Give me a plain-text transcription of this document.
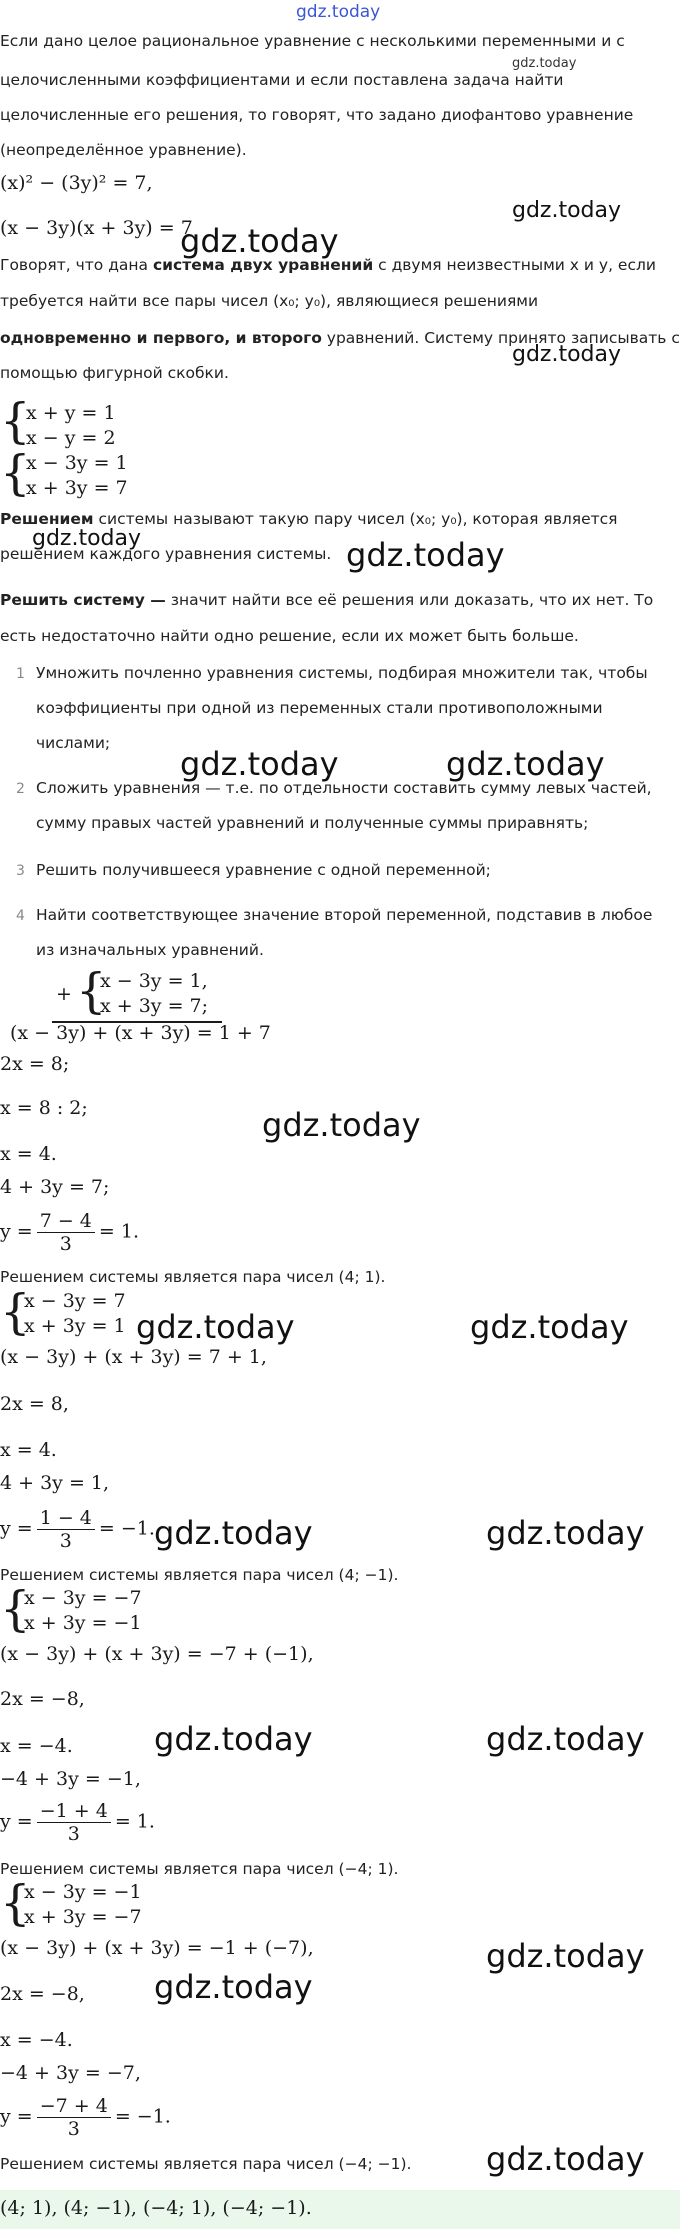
gdz.today
Если дано целое рациональное уравнение с несколькими переменными и с
gdz.today
целочисленными коэффициентами и если поставлена задача найти
целочисленные его решения, то говорят, что задано диофантово уравнение
(неопределённое уравнение).
(x)² − (3y)² = 7,
(x − 3y)(x + 3y) = 7
gdz.today
gdz.today
Говорят, что дана система двух уравнений с двумя неизвестными x и y, если
требуется найти все пары чисел (x₀; y₀), являющиеся решениями
одновременно и первого, и второго уравнений. Систему принято записывать с
gdz.today
помощью фигурной скобки.
{
x + y = 1
x − y = 2
{
x − 3y = 1
x + 3y = 7
Решением системы называют такую пару чисел (x₀; y₀), которая является
gdz.today
решением каждого уравнения системы. gdz.today
Решить систему — значит найти все её решения или доказать, что их нет. То
есть недостаточно найти одно решение, если их может быть больше.
1 Умножить почленно уравнения системы, подбирая множители так, чтобы
коэффициенты при одной из переменных стали противоположными
числами;
gdz.today	gdz.today
2 Сложить уравнения — т.е. по отдельности составить сумму левых частей,
сумму правых частей уравнений и полученные суммы приравнять;
3 Решить получившееся уравнение с одной переменной;
4 Найти соответствующее значение второй переменной, подставив в любое
из изначальных уравнений.
+ {
x − 3y = 1,
x + 3y = 7;
(x − 3y) + (x + 3y) = 1 + 7
2x = 8;
x = 8 : 2;	gdz.today
x = 4.
4 + 3y = 7;
$y = \frac{7 - 4}{3} = 1$.
Решением системы является пара чисел (4; 1).
{
x − 3y = 7
x + 3y = 1 gdz.today	gdz.today
(x − 3y) + (x + 3y) = 7 + 1,
2x = 8,
x = 4.
4 + 3y = 1,
$y = \frac{1 - 4}{3} = -1$. gdz.today	gdz.today
Решением системы является пара чисел (4; −1).
{
x − 3y = −7
x + 3y = −1
(x − 3y) + (x + 3y) = −7 + (−1),
2x = −8,
gdz.today	gdz.today
x = −4.
−4 + 3y = −1,
$y = \frac{-1 + 4}{3} = 1$.
Решением системы является пара чисел (−4; 1).
{
x − 3y = −1
x + 3y = −7
(x − 3y) + (x + 3y) = −1 + (−7),	gdz.today
gdz.today
2x = −8,
x = −4.
−4 + 3y = −7,
$y = \frac{-7 + 4}{3} = -1$.
gdz.today
Решением системы является пара чисел (−4; −1).
(4; 1), (4; −1), (−4; 1), (−4; −1).
